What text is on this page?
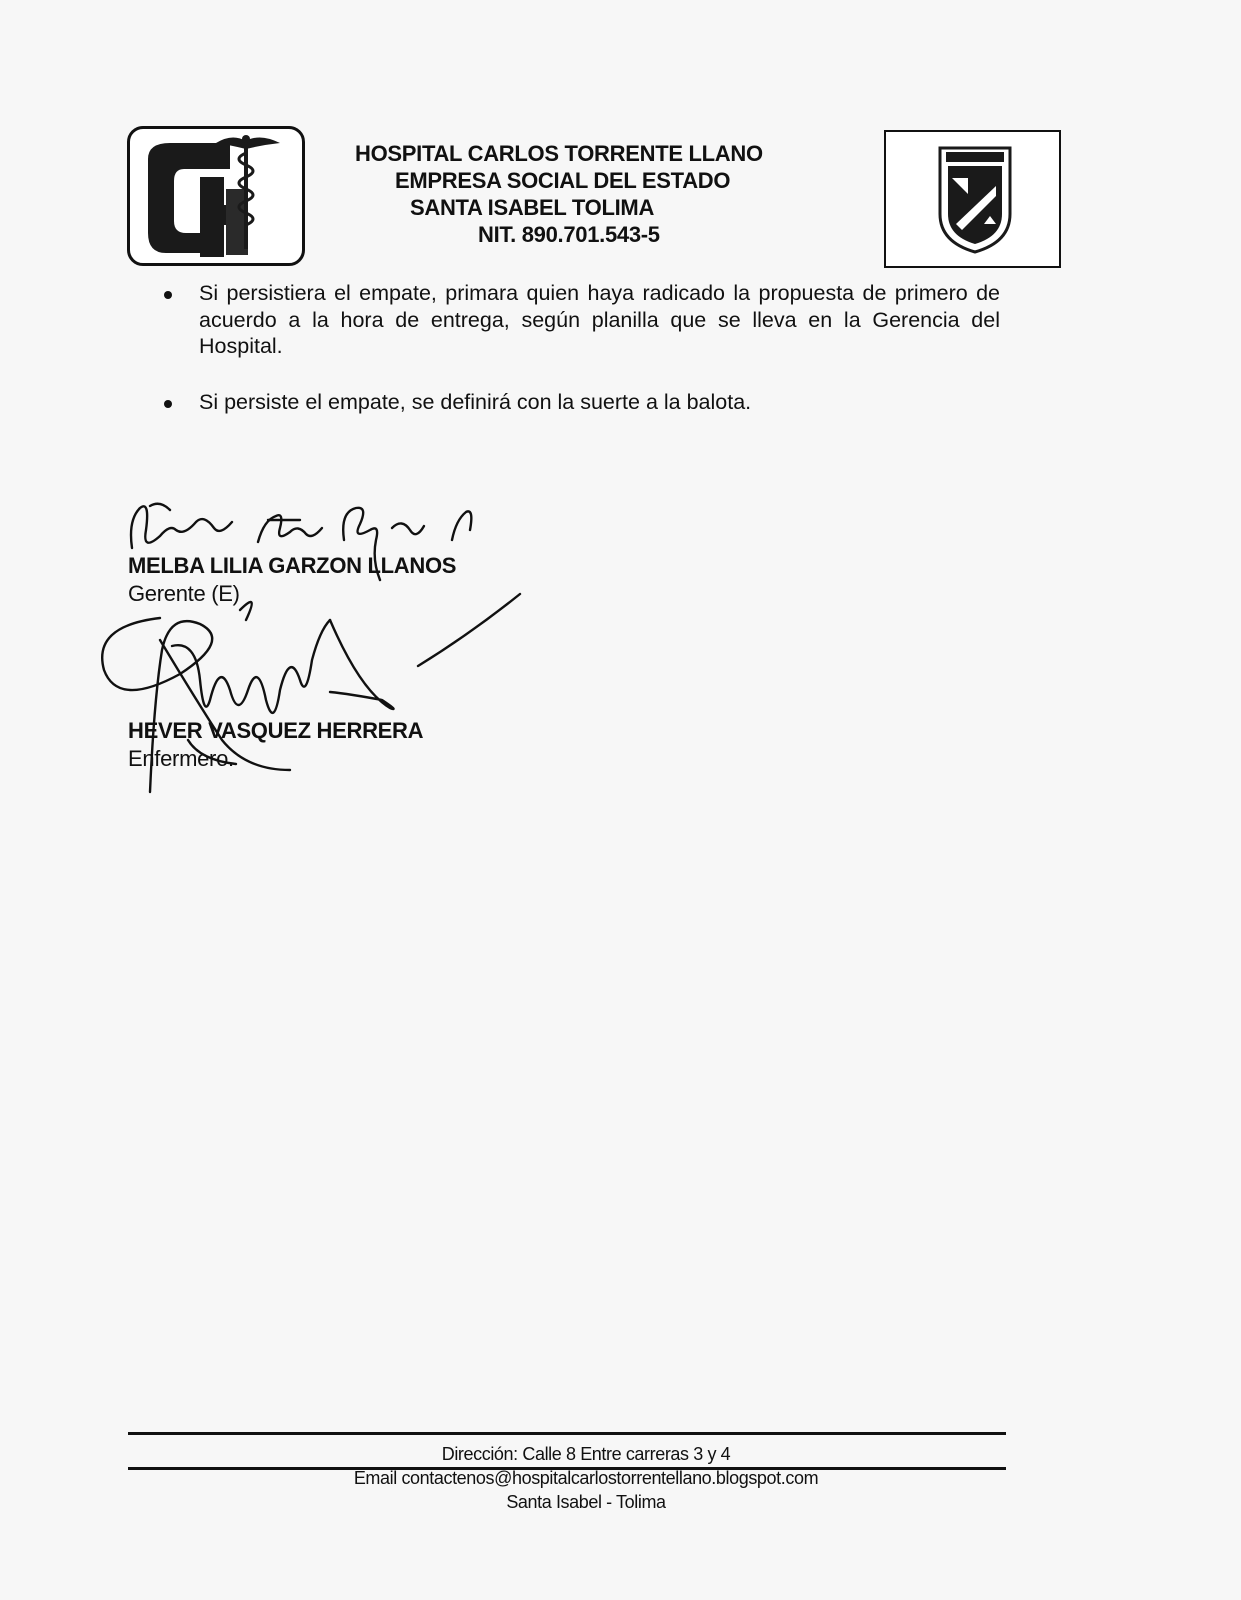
HOSPITAL CARLOS TORRENTE LLANO
EMPRESA SOCIAL DEL ESTADO
SANTA ISABEL TOLIMA
NIT. 890.701.543-5
Si persistiera el empate, primara quien haya radicado la propuesta de primero de acuerdo a la hora de entrega, según planilla que se lleva en la Gerencia del Hospital.
Si persiste el empate, se definirá con la suerte a la balota.
MELBA LILIA GARZON LLANOS
Gerente (E)
HEVER VASQUEZ HERRERA
Enfermero.
Dirección: Calle 8 Entre carreras 3 y 4
Email contactenos@hospitalcarlostorrentellano.blogspot.com
Santa Isabel - Tolima
